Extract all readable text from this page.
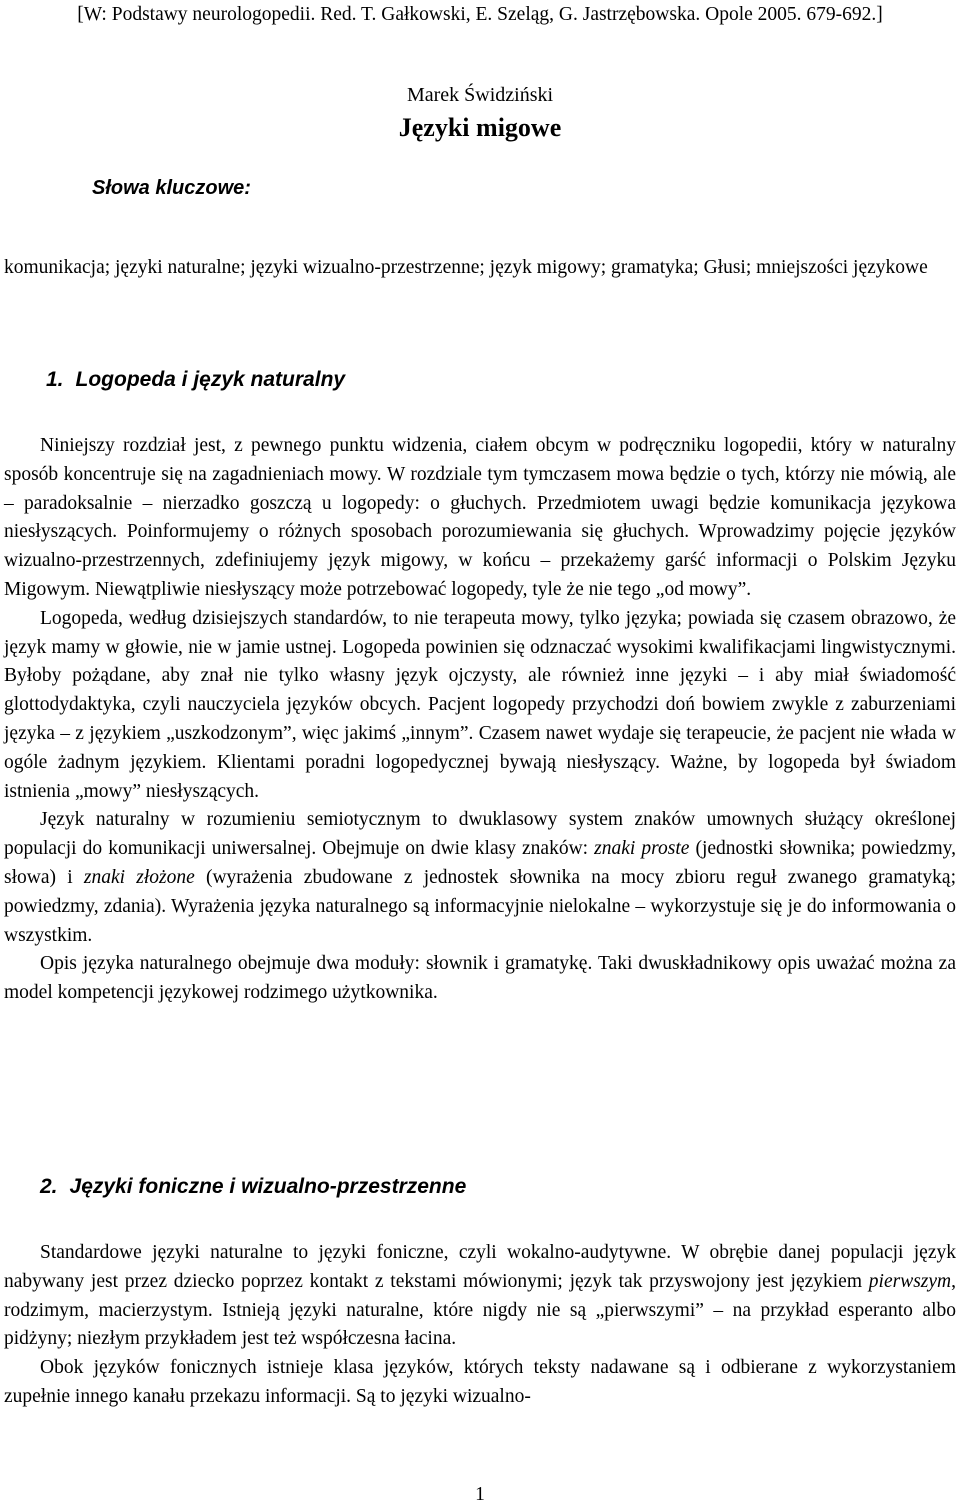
[W: Podstawy neurologopedii. Red. T. Gałkowski, E. Szeląg, G. Jastrzębowska. Opole 2005. 679-692.]
Marek Świdziński
Języki migowe
Słowa kluczowe:

komunikacja; języki naturalne; języki wizualno-przestrzenne; język migowy; gramatyka; Głusi; mniejszości językowe

1. Logopeda i język naturalny

Niniejszy rozdział jest, z pewnego punktu widzenia, ciałem obcym w podręczniku logopedii, który w naturalny sposób koncentruje się na zagadnieniach mowy. W rozdziale tym tymczasem mowa będzie o tych, którzy nie mówią, ale – paradoksalnie – nierzadko goszczą u logopedy: o głuchych. Przedmiotem uwagi będzie komunikacja językowa niesłyszących. Poinformujemy o różnych sposobach porozumiewania się głuchych. Wprowadzimy pojęcie języków wizualno-przestrzennych, zdefiniujemy język migowy, w końcu – przekażemy garść informacji o Polskim Języku Migowym. Niewątpliwie niesłyszący może potrzebować logopedy, tyle że nie tego „od mowy”.

Logopeda, według dzisiejszych standardów, to nie terapeuta mowy, tylko języka; powiada się czasem obrazowo, że język mamy w głowie, nie w jamie ustnej. Logopeda powinien się odznaczać wysokimi kwalifikacjami lingwistycznymi. Byłoby pożądane, aby znał nie tylko własny język ojczysty, ale również inne języki – i aby miał świadomość glottodydaktyka, czyli nauczyciela języków obcych. Pacjent logopedy przychodzi doń bowiem zwykle z zaburzeniami języka – z językiem „uszkodzonym”, więc jakimś „innym”. Czasem nawet wydaje się terapeucie, że pacjent nie włada w ogóle żadnym językiem. Klientami poradni logopedycznej bywają niesłyszący. Ważne, by logopeda był świadom istnienia „mowy” niesłyszących.

Język naturalny w rozumieniu semiotycznym to dwuklasowy system znaków umownych służący określonej populacji do komunikacji uniwersalnej. Obejmuje on dwie klasy znaków: znaki proste (jednostki słownika; powiedzmy, słowa) i znaki złożone (wyrażenia zbudowane z jednostek słownika na mocy zbioru reguł zwanego gramatyką; powiedzmy, zdania). Wyrażenia języka naturalnego są informacyjnie nielokalne – wykorzystuje się je do informowania o wszystkim.

Opis języka naturalnego obejmuje dwa moduły: słownik i gramatykę. Taki dwuskładnikowy opis uważać można za model kompetencji językowej rodzimego użytkownika.

2. Języki foniczne i wizualno-przestrzenne

Standardowe języki naturalne to języki foniczne, czyli wokalno-audytywne. W obrębie danej populacji język nabywany jest przez dziecko poprzez kontakt z tekstami mówionymi; język tak przyswojony jest językiem pierwszym, rodzimym, macierzystym. Istnieją języki naturalne, które nigdy nie są „pierwszymi” – na przykład esperanto albo pidżyny; niezłym przykładem jest też współczesna łacina.

Obok języków fonicznych istnieje klasa języków, których teksty nadawane są i odbierane z wykorzystaniem zupełnie innego kanału przekazu informacji. Są to języki wizualno-

1
